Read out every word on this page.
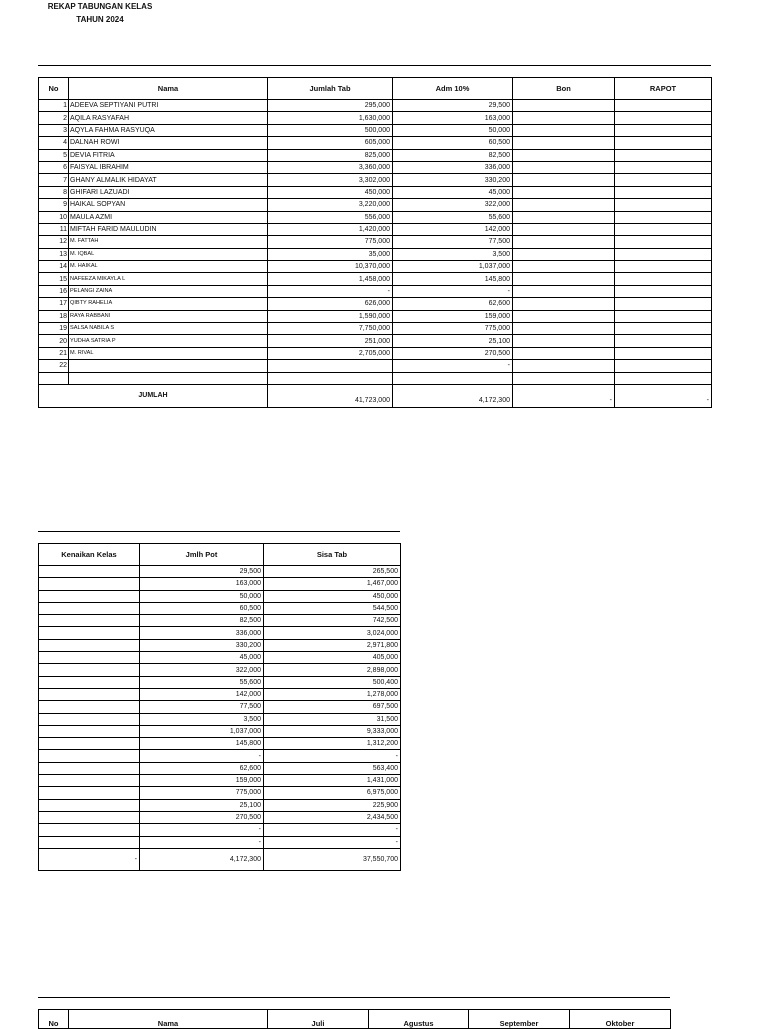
REKAP TABUNGAN KELAS
TAHUN 2024
No	Nama	Jumlah Tab	Adm 10%	Bon	RAPOT
1	ADEEVA SEPTIYANI PUTRI	295,000	29,500		
2	AQILA RASYAFAH	1,630,000	163,000		
3	AQYLA FAHMA RASYUQA	500,000	50,000		
4	DALNAH ROWI	605,000	60,500		
5	DEVIA FITRIA	825,000	82,500		
6	FAISYAL IBRAHIM	3,360,000	336,000		
7	GHANY ALMALIK HIDAYAT	3,302,000	330,200		
8	GHIFARI LAZUADI	450,000	45,000		
9	HAIKAL SOPYAN	3,220,000	322,000		
10	MAULA AZMI	556,000	55,600		
11	MIFTAH FARID MAULUDIN	1,420,000	142,000		
12	M. FATTAH	775,000	77,500		
13	M. IQBAL	35,000	3,500		
14	M. HAIKAL	10,370,000	1,037,000		
15	NAFEEZA MIKAYLA L	1,458,000	145,800		
16	PELANGI ZAINA	-	-		
17	QIBTY RAHELIA	626,000	62,600		
18	RAYA RABBANI	1,590,000	159,000		
19	SALSA NABILA S	7,750,000	775,000		
20	YUDHA SATRIA P	251,000	25,100		
21	M. RIVAL	2,705,000	270,500		
22			-		

JUMLAH		41,723,000	4,172,300	-	-
Kenaikan Kelas	Jmlh Pot	Sisa Tab
	29,500	265,500
	163,000	1,467,000
	50,000	450,000
	60,500	544,500
	82,500	742,500
	336,000	3,024,000
	330,200	2,971,800
	45,000	405,000
	322,000	2,898,000
	55,600	500,400
	142,000	1,278,000
	77,500	697,500
	3,500	31,500
	1,037,000	9,333,000
	145,800	1,312,200
	-	-
	62,600	563,400
	159,000	1,431,000
	775,000	6,975,000
	25,100	225,900
	270,500	2,434,500
	-	-
	-	-
-	4,172,300	37,550,700
No	Nama	Juli	Agustus	September	Oktober
